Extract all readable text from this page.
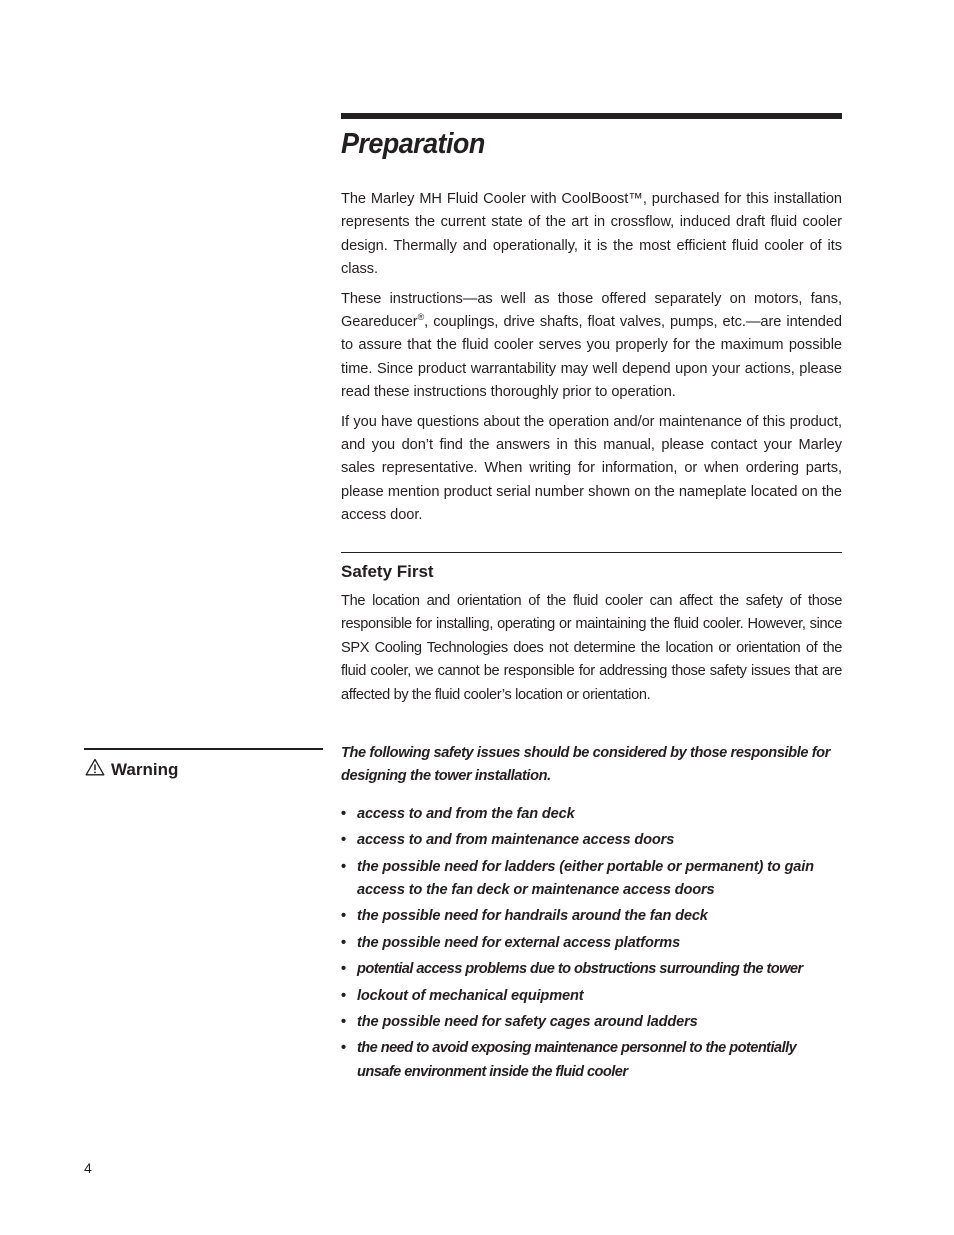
Preparation

The Marley MH Fluid Cooler with CoolBoost™, purchased for this installation represents the current state of the art in crossflow, induced draft fluid cooler design. Thermally and operationally, it is the most efficient fluid cooler of its class.

These instructions—as well as those offered separately on motors, fans, Geareducer®, couplings, drive shafts, float valves, pumps, etc.—are intended to assure that the fluid cooler serves you properly for the maximum possible time. Since product warrantability may well depend upon your actions, please read these instructions thoroughly prior to operation.

If you have questions about the operation and/or maintenance of this product, and you don’t find the answers in this manual, please contact your Marley sales representative. When writing for information, or when ordering parts, please mention product serial number shown on the nameplate located on the access door.

Safety First

The location and orientation of the fluid cooler can affect the safety of those responsible for installing, operating or maintaining the fluid cooler. However, since SPX Cooling Technologies does not determine the location or orientation of the fluid cooler, we cannot be responsible for addressing those safety issues that are affected by the fluid cooler’s location or orientation.

Warning

The following safety issues should be considered by those responsible for designing the tower installation.

• access to and from the fan deck
• access to and from maintenance access doors
• the possible need for ladders (either portable or permanent) to gain access to the fan deck or maintenance access doors
• the possible need for handrails around the fan deck
• the possible need for external access platforms
• potential access problems due to obstructions surrounding the tower
• lockout of mechanical equipment
• the possible need for safety cages around ladders
• the need to avoid exposing maintenance personnel to the potentially unsafe environment inside the fluid cooler
4
